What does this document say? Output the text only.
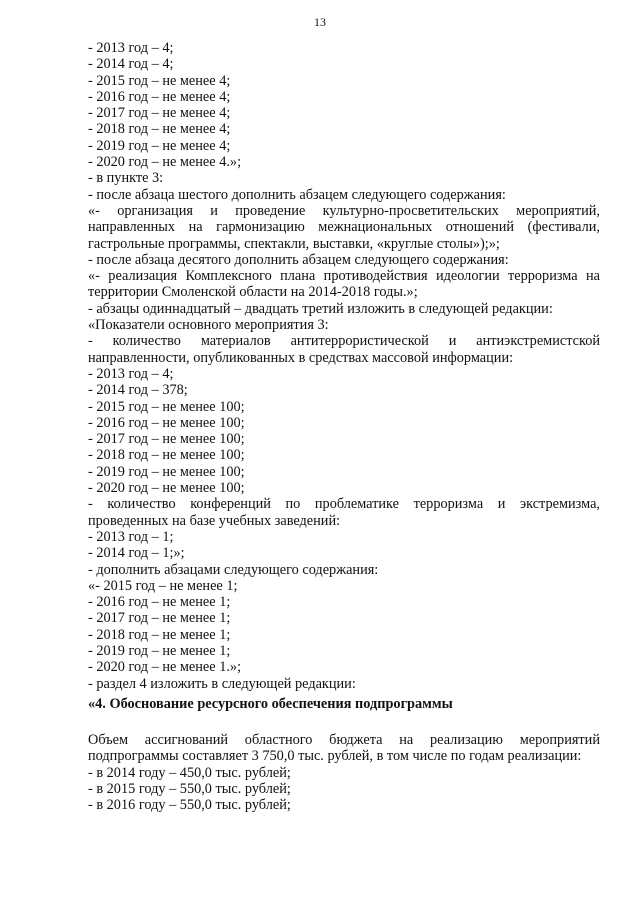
13

- 2013 год – 4;

- 2014 год – 4;

- 2015 год – не менее 4;

- 2016 год – не менее 4;

- 2017 год – не менее 4;

- 2018 год – не менее 4;

- 2019 год – не менее 4;

- 2020 год – не менее 4.»;

- в пункте 3:

- после абзаца шестого дополнить абзацем следующего содержания:

«- организация и проведение культурно-просветительских мероприятий, направленных на гармонизацию межнациональных отношений (фестивали, гастрольные программы, спектакли, выставки, «круглые столы»);»;

- после абзаца десятого дополнить абзацем следующего содержания:

«- реализация Комплексного плана противодействия идеологии терроризма на территории Смоленской области на 2014-2018 годы.»;

- абзацы одиннадцатый – двадцать третий изложить в следующей редакции:

«Показатели основного мероприятия 3:

- количество материалов антитеррористической и антиэкстремистской направленности, опубликованных в средствах массовой информации:

- 2013 год – 4;

- 2014 год – 378;

- 2015 год – не менее 100;

- 2016 год – не менее 100;

- 2017 год – не менее 100;

- 2018 год – не менее 100;

- 2019 год – не менее 100;

- 2020 год – не менее 100;

- количество конференций по проблематике терроризма и экстремизма, проведенных на базе учебных заведений:

- 2013 год – 1;

- 2014 год – 1;»;

- дополнить абзацами следующего содержания:

«- 2015 год – не менее 1;

- 2016 год – не менее 1;

- 2017 год – не менее 1;

- 2018 год – не менее 1;

- 2019 год – не менее 1;

- 2020 год – не менее 1.»;

- раздел 4 изложить в следующей редакции:

«4. Обоснование ресурсного обеспечения подпрограммы

Объем ассигнований областного бюджета на реализацию мероприятий подпрограммы составляет 3 750,0 тыс. рублей, в том числе по годам реализации:

- в 2014 году – 450,0 тыс. рублей;

- в 2015 году – 550,0 тыс. рублей;

- в 2016 году – 550,0 тыс. рублей;
